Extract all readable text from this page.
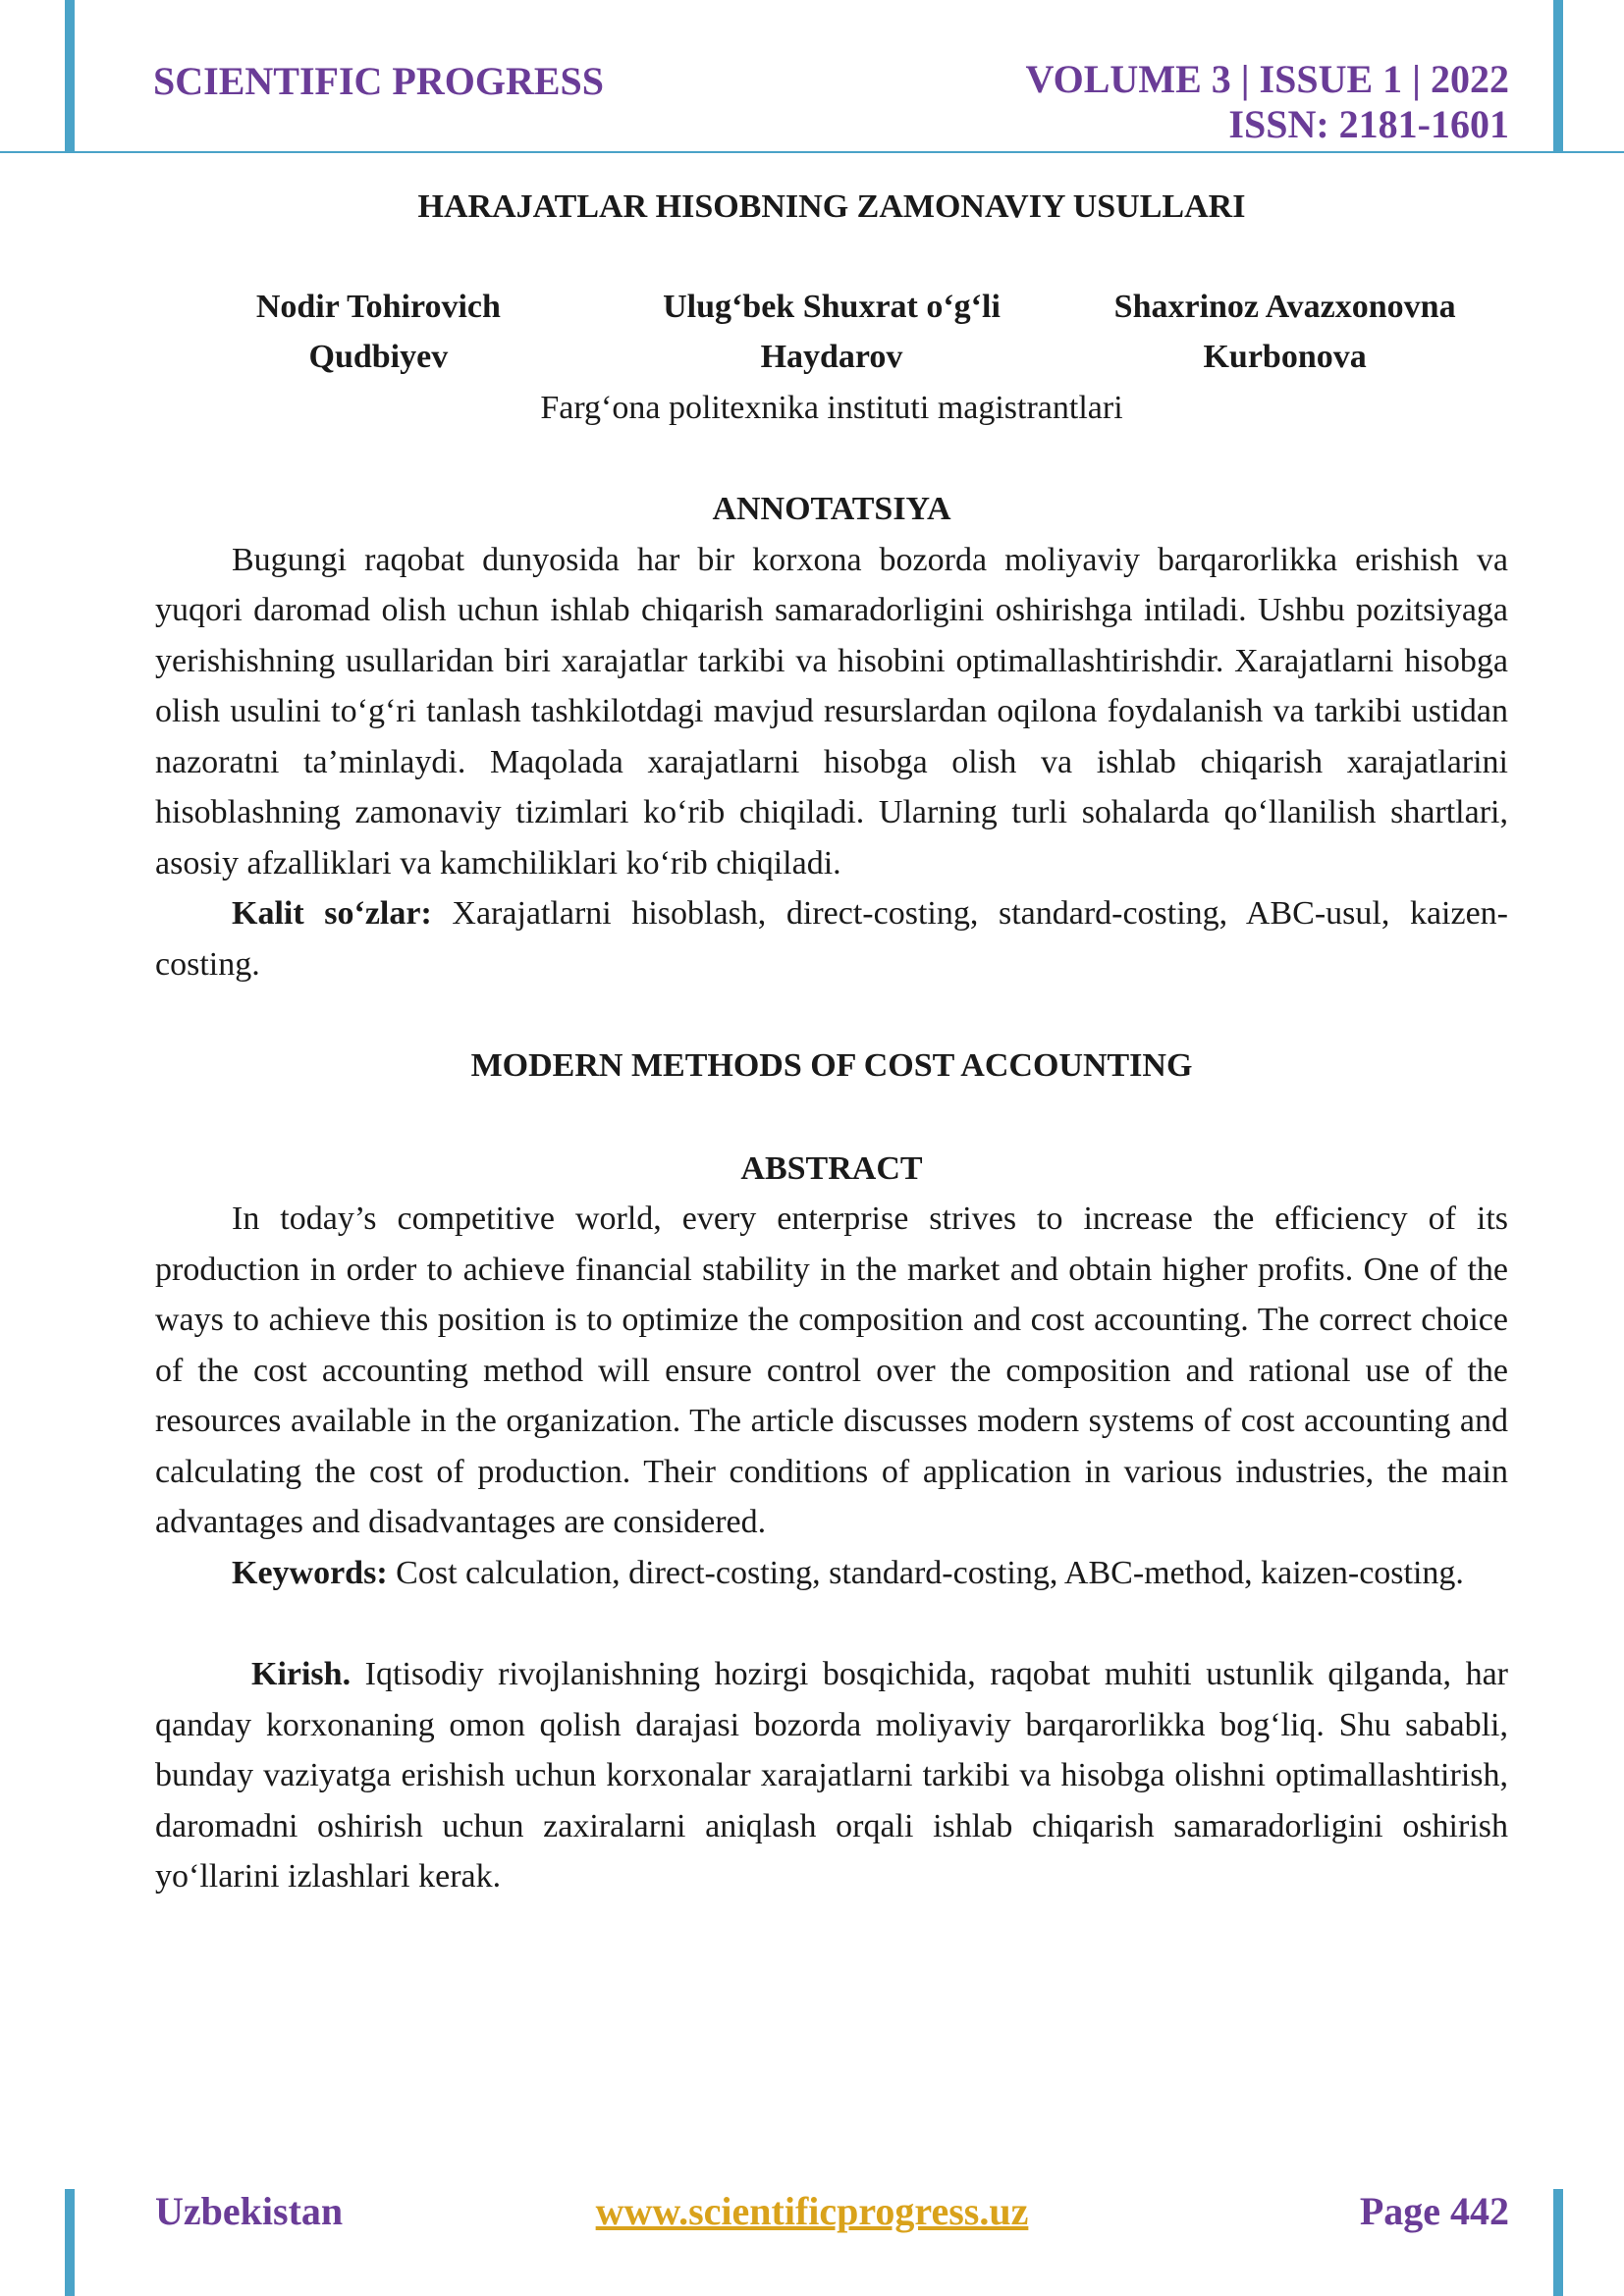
SCIENTIFIC PROGRESS	VOLUME 3 | ISSUE 1 | 2022
ISSN: 2181-1601
HARAJATLAR HISOBNING ZAMONAVIY USULLARI
Nodir Tohirovich
Qudbiyev
Ulug‘bek Shuxrat o‘g‘li
Haydarov
Shaxrinoz Avazxonovna
Kurbonova
Farg‘ona politexnika instituti magistrantlari
ANNOTATSIYA

Bugungi raqobat dunyosida har bir korxona bozorda moliyaviy barqarorlikka erishish va yuqori daromad olish uchun ishlab chiqarish samaradorligini oshirishga intiladi. Ushbu pozitsiyaga yerishishning usullaridan biri xarajatlar tarkibi va hisobini optimallashtirishdir. Xarajatlarni hisobga olish usulini to‘g‘ri tanlash tashkilotdagi mavjud resurslardan oqilona foydalanish va tarkibi ustidan nazoratni ta’minlaydi. Maqolada xarajatlarni hisobga olish va ishlab chiqarish xarajatlarini hisoblashning zamonaviy tizimlari ko‘rib chiqiladi. Ularning turli sohalarda qo‘llanilish shartlari, asosiy afzalliklari va kamchiliklari ko‘rib chiqiladi.

Kalit so‘zlar: Xarajatlarni hisoblash, direct-costing, standard-costing, ABC-usul, kaizen-costing.

MODERN METHODS OF COST ACCOUNTING
ABSTRACT

In today’s competitive world, every enterprise strives to increase the efficiency of its production in order to achieve financial stability in the market and obtain higher profits. One of the ways to achieve this position is to optimize the composition and cost accounting. The correct choice of the cost accounting method will ensure control over the composition and rational use of the resources available in the organization. The article discusses modern systems of cost accounting and calculating the cost of production. Their conditions of application in various industries, the main advantages and disadvantages are considered.

Keywords: Cost calculation, direct-costing, standard-costing, ABC-method, kaizen-costing.

Kirish. Iqtisodiy rivojlanishning hozirgi bosqichida, raqobat muhiti ustunlik qilganda, har qanday korxonaning omon qolish darajasi bozorda moliyaviy barqarorlikka bog‘liq. Shu sababli, bunday vaziyatga erishish uchun korxonalar xarajatlarni tarkibi va hisobga olishni optimallashtirish, daromadni oshirish uchun zaxiralarni aniqlash orqali ishlab chiqarish samaradorligini oshirish yo‘llarini izlashlari kerak.

Uzbekistan	www.scientificprogress.uz	Page 442
